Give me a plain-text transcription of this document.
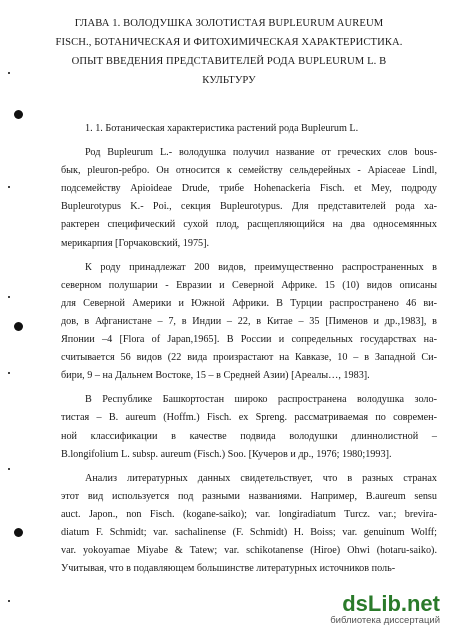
ГЛАВА 1. ВОЛОДУШКА ЗОЛОТИСТАЯ BUPLEURUM AUREUM
FISCH., БОТАНИЧЕСКАЯ И ФИТОХИМИЧЕСКАЯ ХАРАКТЕРИСТИКА.
ОПЫТ ВВЕДЕНИЯ ПРЕДСТАВИТЕЛЕЙ РОДА BUPLEURUM L. В
КУЛЬТУРУ
1. 1. Ботаническая характеристика растений рода Bupleurum L.
Род Bupleurum L.- володушка получил название от греческих слов bous-
бык, pleuron-ребро. Он относится к семейству сельдерейных - Apiaceae Lindl,
подсемейству Apioideae Drude, трибе Hohenackeria Fisch. et Mey, подроду
Bupleurotypus K.- Poi., секция Bupleurotypus. Для представителей рода ха-
рактерен специфический сухой плод, расщепляющийся на два односемянных
мерикарпия [Горчаковский, 1975].
К роду принадлежат 200 видов, преимущественно распространенных в
северном полушарии - Евразии и Северной Африке. 15 (10) видов описаны
для Северной Америки и Южной Африки. В Турции распространено 46 ви-
дов, в Афганистане – 7, в Индии – 22, в Китае – 35 [Пименов и др.,1983], в
Японии –4 [Flora of Japan,1965]. В России и сопредельных государствах на-
считывается 56 видов (22 вида произрастают на Кавказе, 10 – в Западной Си-
бири, 9 – на Дальнем Востоке, 15 – в Средней Азии) [Ареалы…, 1983].
В Республике Башкортостан широко распространена володушка золо-
тистая – B. aureum (Hoffm.) Fisch. ex Spreng. рассматриваемая по современ-
ной классификации в качестве подвида володушки длиннолистной –
B.longifolium L. subsp. aureum (Fisch.) Soo. [Кучеров и др., 1976; 1980;1993].
Анализ литературных данных свидетельствует, что в разных странах
этот вид используется под разными названиями. Например, B.aureum sensu
auct. Japon., non Fisch. (kogane-saiko); var. longiradiatum Turcz. var.; brevira-
diatum F. Schmidt; var. sachalinense (F. Schmidt) H. Boiss; var. genuinum Wolff;
var. yokoyamae Miyabe & Tatew; var. schikotanense (Hiroe) Ohwi (hotaru-saiko).
Учитывая, что в подавляющем большинстве литературных источников поль-
dsLib.net
библиотека диссертаций
